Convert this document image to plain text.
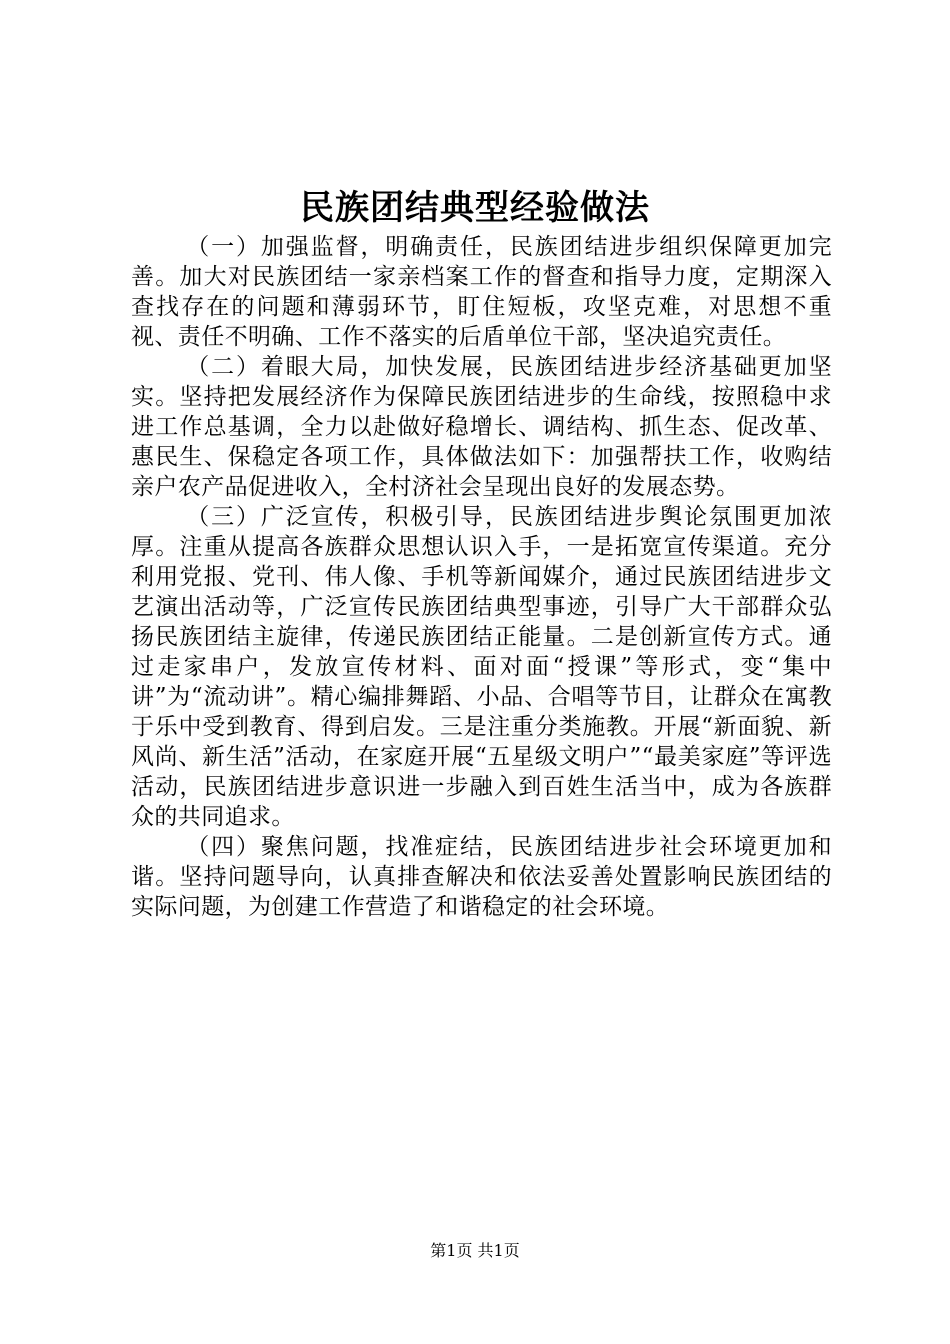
民族团结典型经验做法

（一）加强监督，明确责任，民族团结进步组织保障更加完善。加大对民族团结一家亲档案工作的督查和指导力度，定期深入查找存在的问题和薄弱环节，盯住短板，攻坚克难，对思想不重视、责任不明确、工作不落实的后盾单位干部，坚决追究责任。

（二）着眼大局，加快发展，民族团结进步经济基础更加坚实。坚持把发展经济作为保障民族团结进步的生命线，按照稳中求进工作总基调，全力以赴做好稳增长、调结构、抓生态、促改革、惠民生、保稳定各项工作，具体做法如下：加强帮扶工作，收购结亲户农产品促进收入，全村济社会呈现出良好的发展态势。

（三）广泛宣传，积极引导，民族团结进步舆论氛围更加浓厚。注重从提高各族群众思想认识入手，一是拓宽宣传渠道。充分利用党报、党刊、伟人像、手机等新闻媒介，通过民族团结进步文艺演出活动等，广泛宣传民族团结典型事迹，引导广大干部群众弘扬民族团结主旋律，传递民族团结正能量。二是创新宣传方式。通过走家串户，发放宣传材料、面对面“授课”等形式，变“集中讲”为“流动讲”。精心编排舞蹈、小品、合唱等节目，让群众在寓教于乐中受到教育、得到启发。三是注重分类施教。开展“新面貌、新风尚、新生活”活动，在家庭开展“五星级文明户”“最美家庭”等评选活动，民族团结进步意识进一步融入到百姓生活当中，成为各族群众的共同追求。

（四）聚焦问题，找准症结，民族团结进步社会环境更加和谐。坚持问题导向，认真排查解决和依法妥善处置影响民族团结的实际问题，为创建工作营造了和谐稳定的社会环境。

第1页 共1页
